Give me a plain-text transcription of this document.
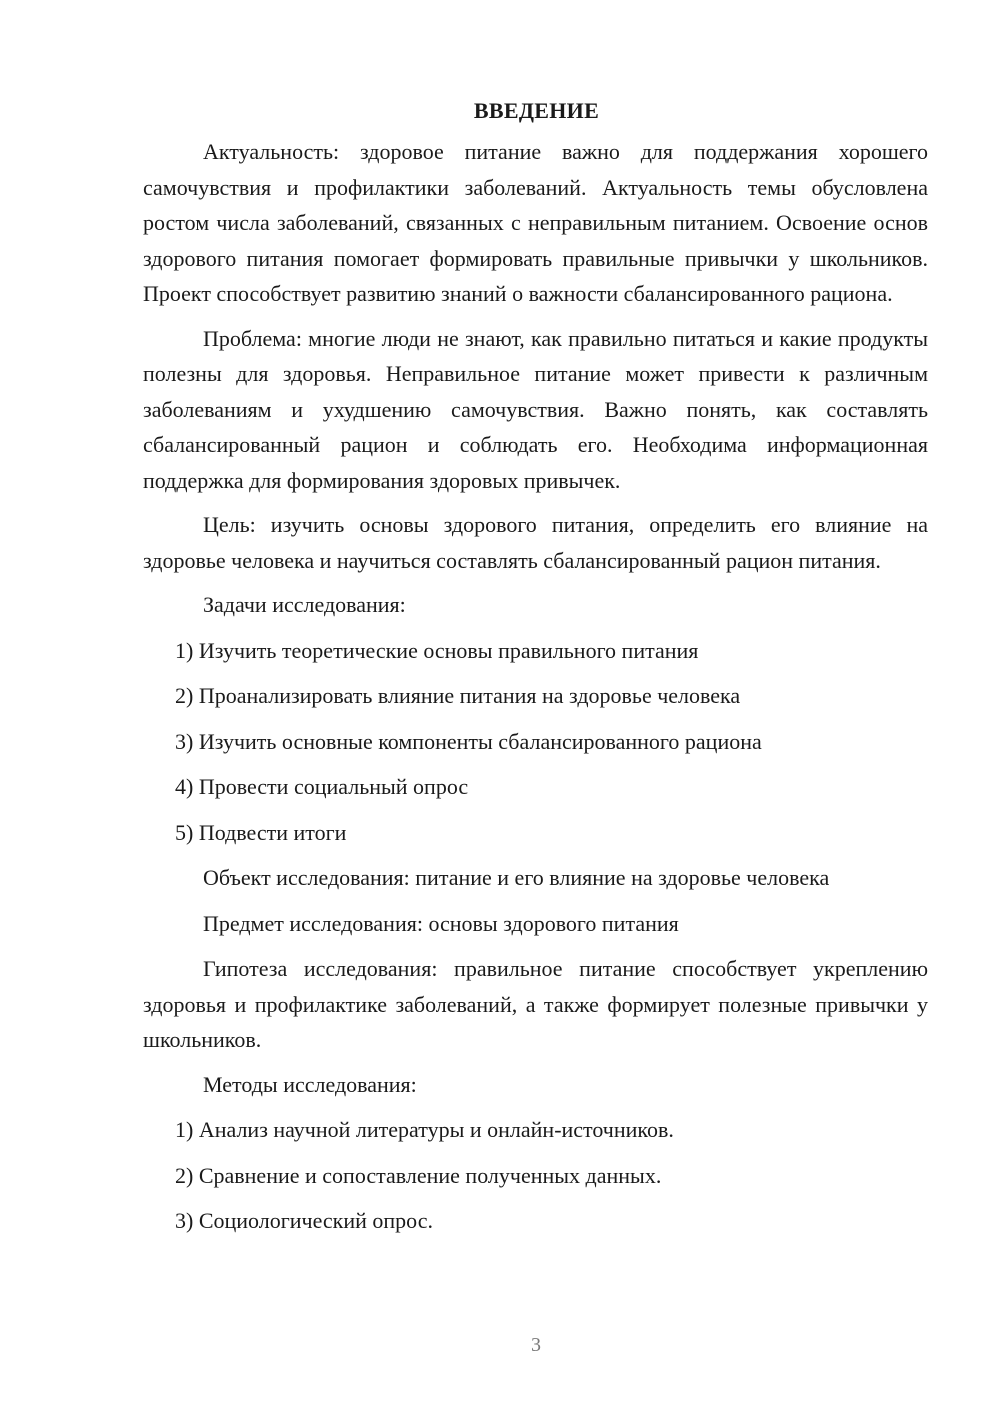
ВВЕДЕНИЕ

Актуальность: здоровое питание важно для поддержания хорошего самочувствия и профилактики заболеваний. Актуальность темы обусловлена ростом числа заболеваний, связанных с неправильным питанием. Освоение основ здорового питания помогает формировать правильные привычки у школьников. Проект способствует развитию знаний о важности сбалансированного рациона.

Проблема: многие люди не знают, как правильно питаться и какие продукты полезны для здоровья. Неправильное питание может привести к различным заболеваниям и ухудшению самочувствия. Важно понять, как составлять сбалансированный рацион и соблюдать его. Необходима информационная поддержка для формирования здоровых привычек.

Цель: изучить основы здорового питания, определить его влияние на здоровье человека и научиться составлять сбалансированный рацион питания.

Задачи исследования:
1) Изучить теоретические основы правильного питания
2) Проанализировать влияние питания на здоровье человека
3) Изучить основные компоненты сбалансированного рациона
4) Провести социальный опрос
5) Подвести итоги
Объект исследования: питание и его влияние на здоровье человека
Предмет исследования: основы здорового питания

Гипотеза исследования: правильное питание способствует укреплению здоровья и профилактике заболеваний, а также формирует полезные привычки у школьников.

Методы исследования:
1) Анализ научной литературы и онлайн-источников.
2) Сравнение и сопоставление полученных данных.
3) Социологический опрос.
3
